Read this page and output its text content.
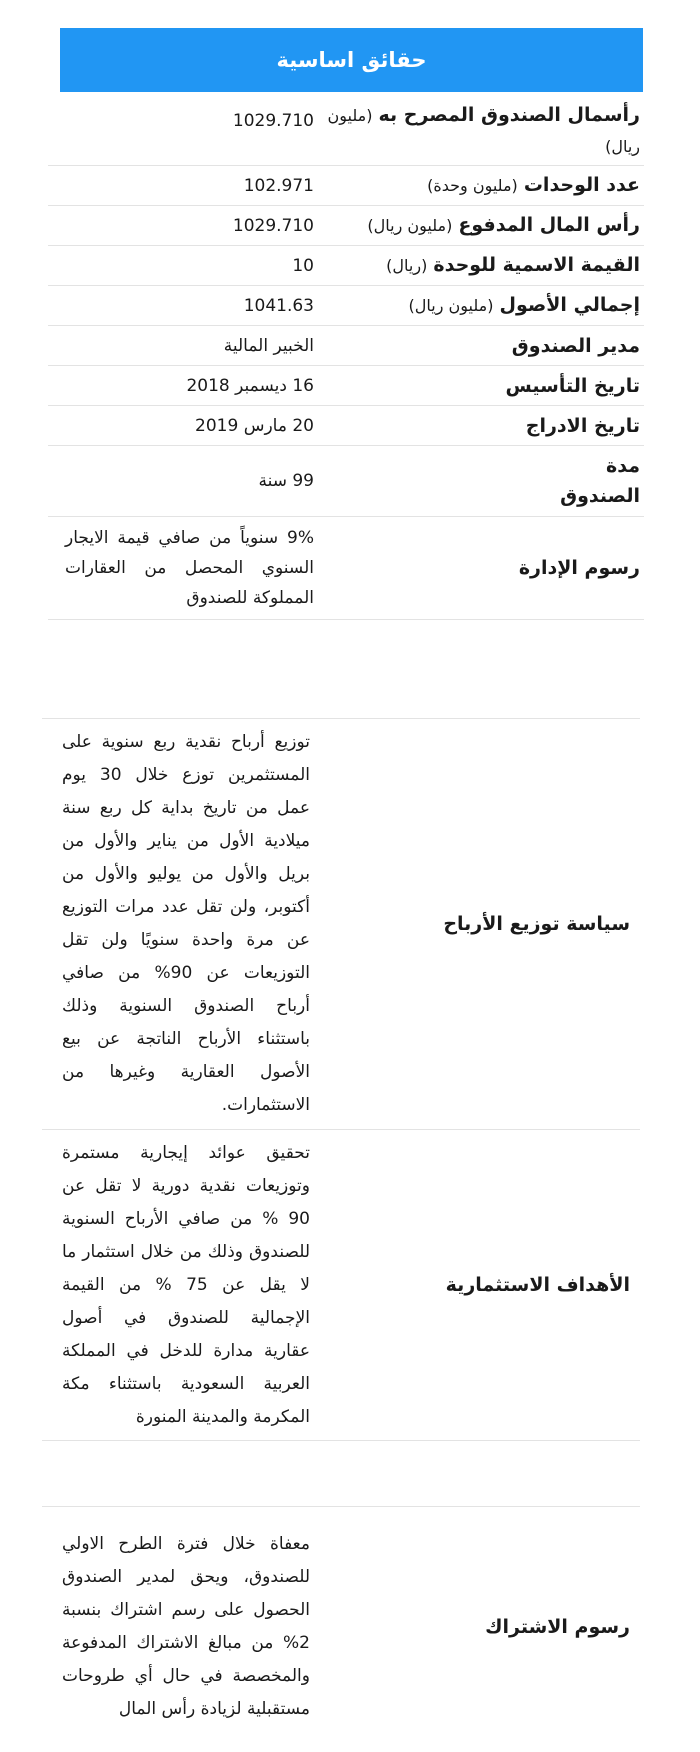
حقائق اساسية
رأسمال الصندوق المصرح به (مليون ريال)
1029.710
عدد الوحدات (مليون وحدة)
102.971
رأس المال المدفوع (مليون ريال)
1029.710
القيمة الاسمية للوحدة (ريال)
10
إجمالي الأصول (مليون ريال)
1041.63
مدير الصندوق
الخبير المالية
تاريخ التأسيس
16 ديسمبر 2018
تاريخ الادراج
20 مارس 2019
مدة
الصندوق
99 سنة
رسوم الإدارة
9% سنوياً من صافي قيمة الايجار السنوي المحصل من العقارات المملوكة للصندوق
سياسة توزيع الأرباح
توزيع أرباح نقدية ربع سنوية على المستثمرين توزع خلال 30 يوم عمل من تاريخ بداية كل ربع سنة ميلادية الأول من يناير والأول من بريل والأول من يوليو والأول من أكتوبر، ولن تقل عدد مرات التوزيع عن مرة واحدة سنويًا ولن تقل التوزيعات عن 90% من صافي أرباح الصندوق السنوية وذلك باستثناء الأرباح الناتجة عن بيع الأصول العقارية وغيرها من الاستثمارات.
الأهداف الاستثمارية
تحقيق عوائد إيجارية مستمرة وتوزيعات نقدية دورية لا تقل عن 90 % من صافي الأرباح السنوية للصندوق وذلك من خلال استثمار ما لا يقل عن 75 % من القيمة الإجمالية للصندوق في أصول عقارية مدارة للدخل في المملكة العربية السعودية باستثناء مكة المكرمة والمدينة المنورة
رسوم الاشتراك
معفاة خلال فترة الطرح الاولي للصندوق، ويحق لمدير الصندوق الحصول على رسم اشتراك بنسبة 2% من مبالغ الاشتراك المدفوعة والمخصصة في حال أي طروحات مستقبلية لزيادة رأس المال
